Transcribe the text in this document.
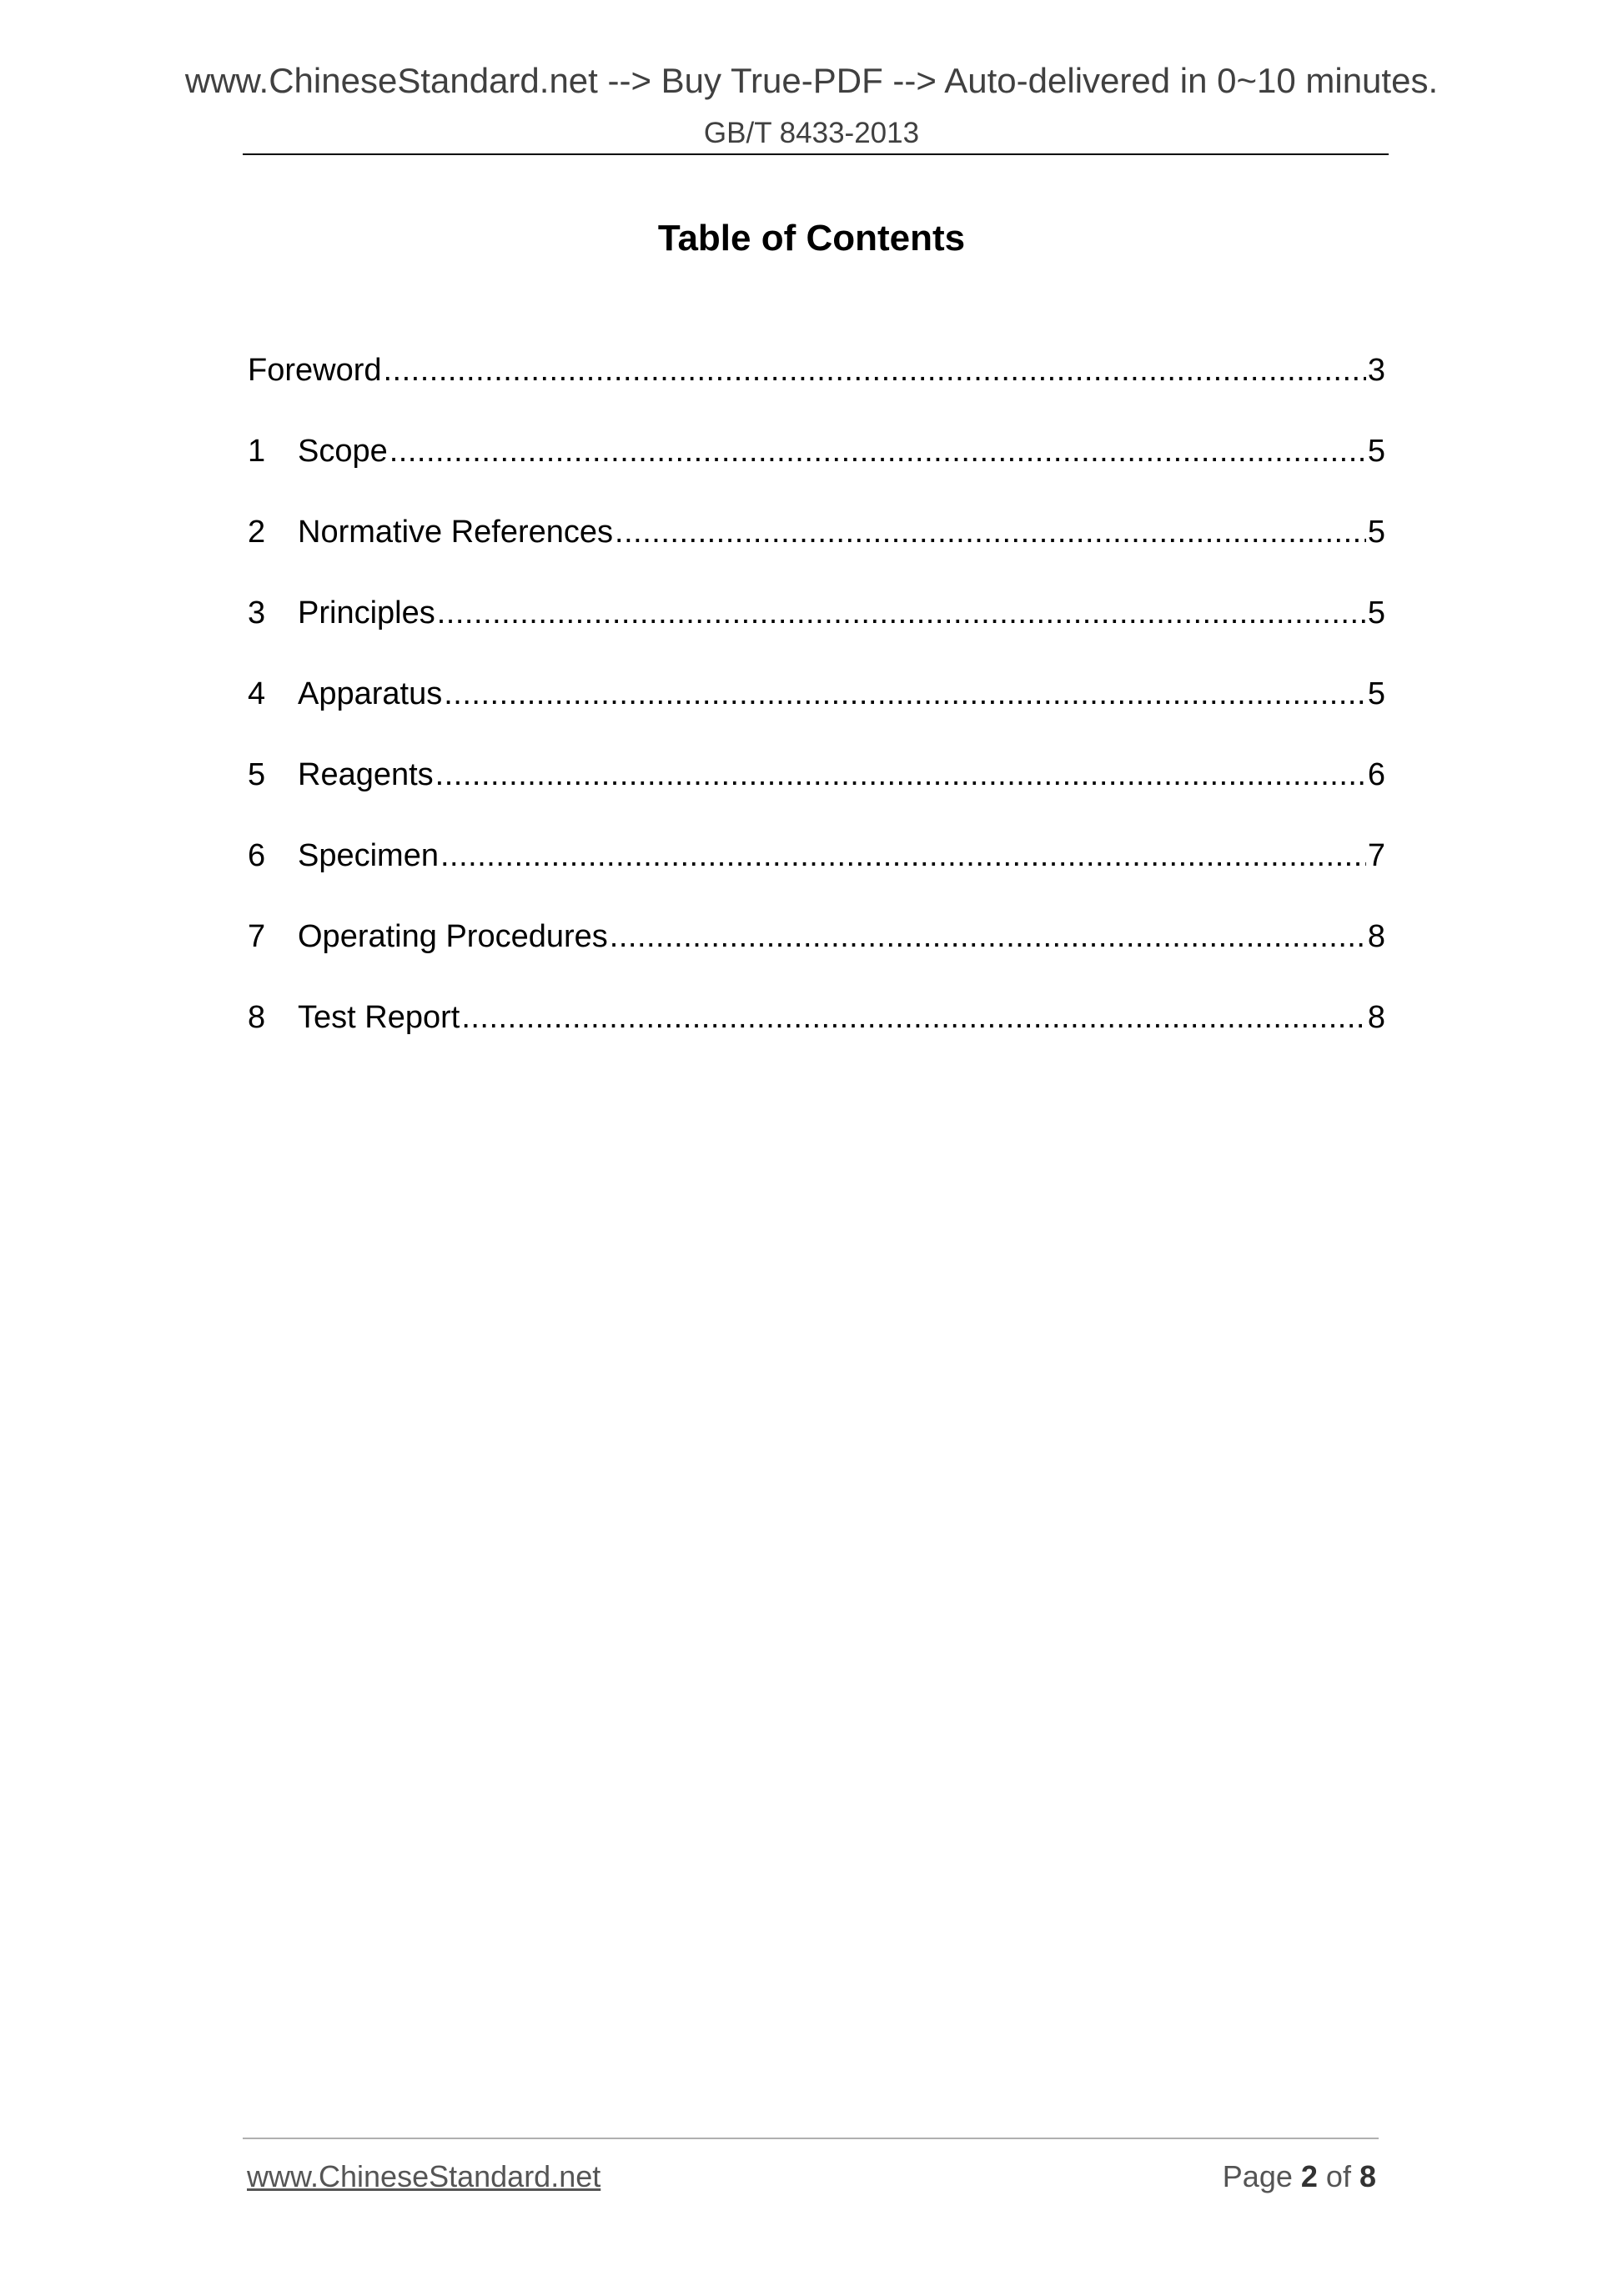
www.ChineseStandard.net --> Buy True-PDF --> Auto-delivered in 0~10 minutes.
GB/T 8433-2013
Table of Contents
Foreword .....	3
1	Scope .....	5
2	Normative References .....	5
3	Principles .....	5
4	Apparatus .....	5
5	Reagents .....	6
6	Specimen .....	7
7	Operating Procedures .....	8
8	Test Report .....	8
www.ChineseStandard.net	Page 2 of 8
